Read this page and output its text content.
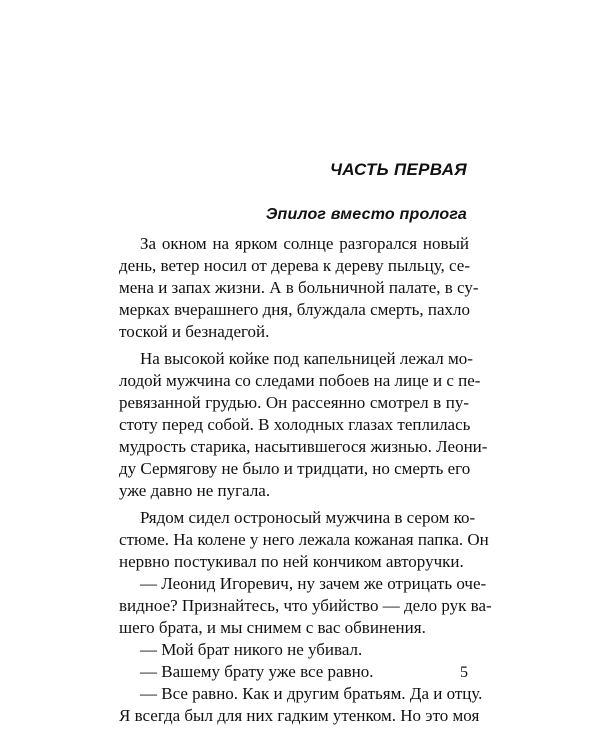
ЧАСТЬ ПЕРВАЯ
Эпилог вместо пролога
За окном на ярком солнце разгорался новый
день, ветер носил от дерева к дереву пыльцу, се-
мена и запах жизни. А в больничной палате, в су-
мерках вчерашнего дня, блуждала смерть, пахло
тоской и безнадегой.
На высокой койке под капельницей лежал мо-
лодой мужчина со следами побоев на лице и с пе-
ревязанной грудью. Он рассеянно смотрел в пу-
стоту перед собой. В холодных глазах теплилась
мудрость старика, насытившегося жизнью. Леони-
ду Сермягову не было и тридцати, но смерть его
уже давно не пугала.
Рядом сидел остроносый мужчина в сером ко-
стюме. На колене у него лежала кожаная папка. Он
нервно постукивал по ней кончиком авторучки.
— Леонид Игоревич, ну зачем же отрицать оче-
видное? Признайтесь, что убийство — дело рук ва-
шего брата, и мы снимем с вас обвинения.
— Мой брат никого не убивал.
— Вашему брату уже все равно.
— Все равно. Как и другим братьям. Да и отцу.
Я всегда был для них гадким утенком. Но это моя

5
